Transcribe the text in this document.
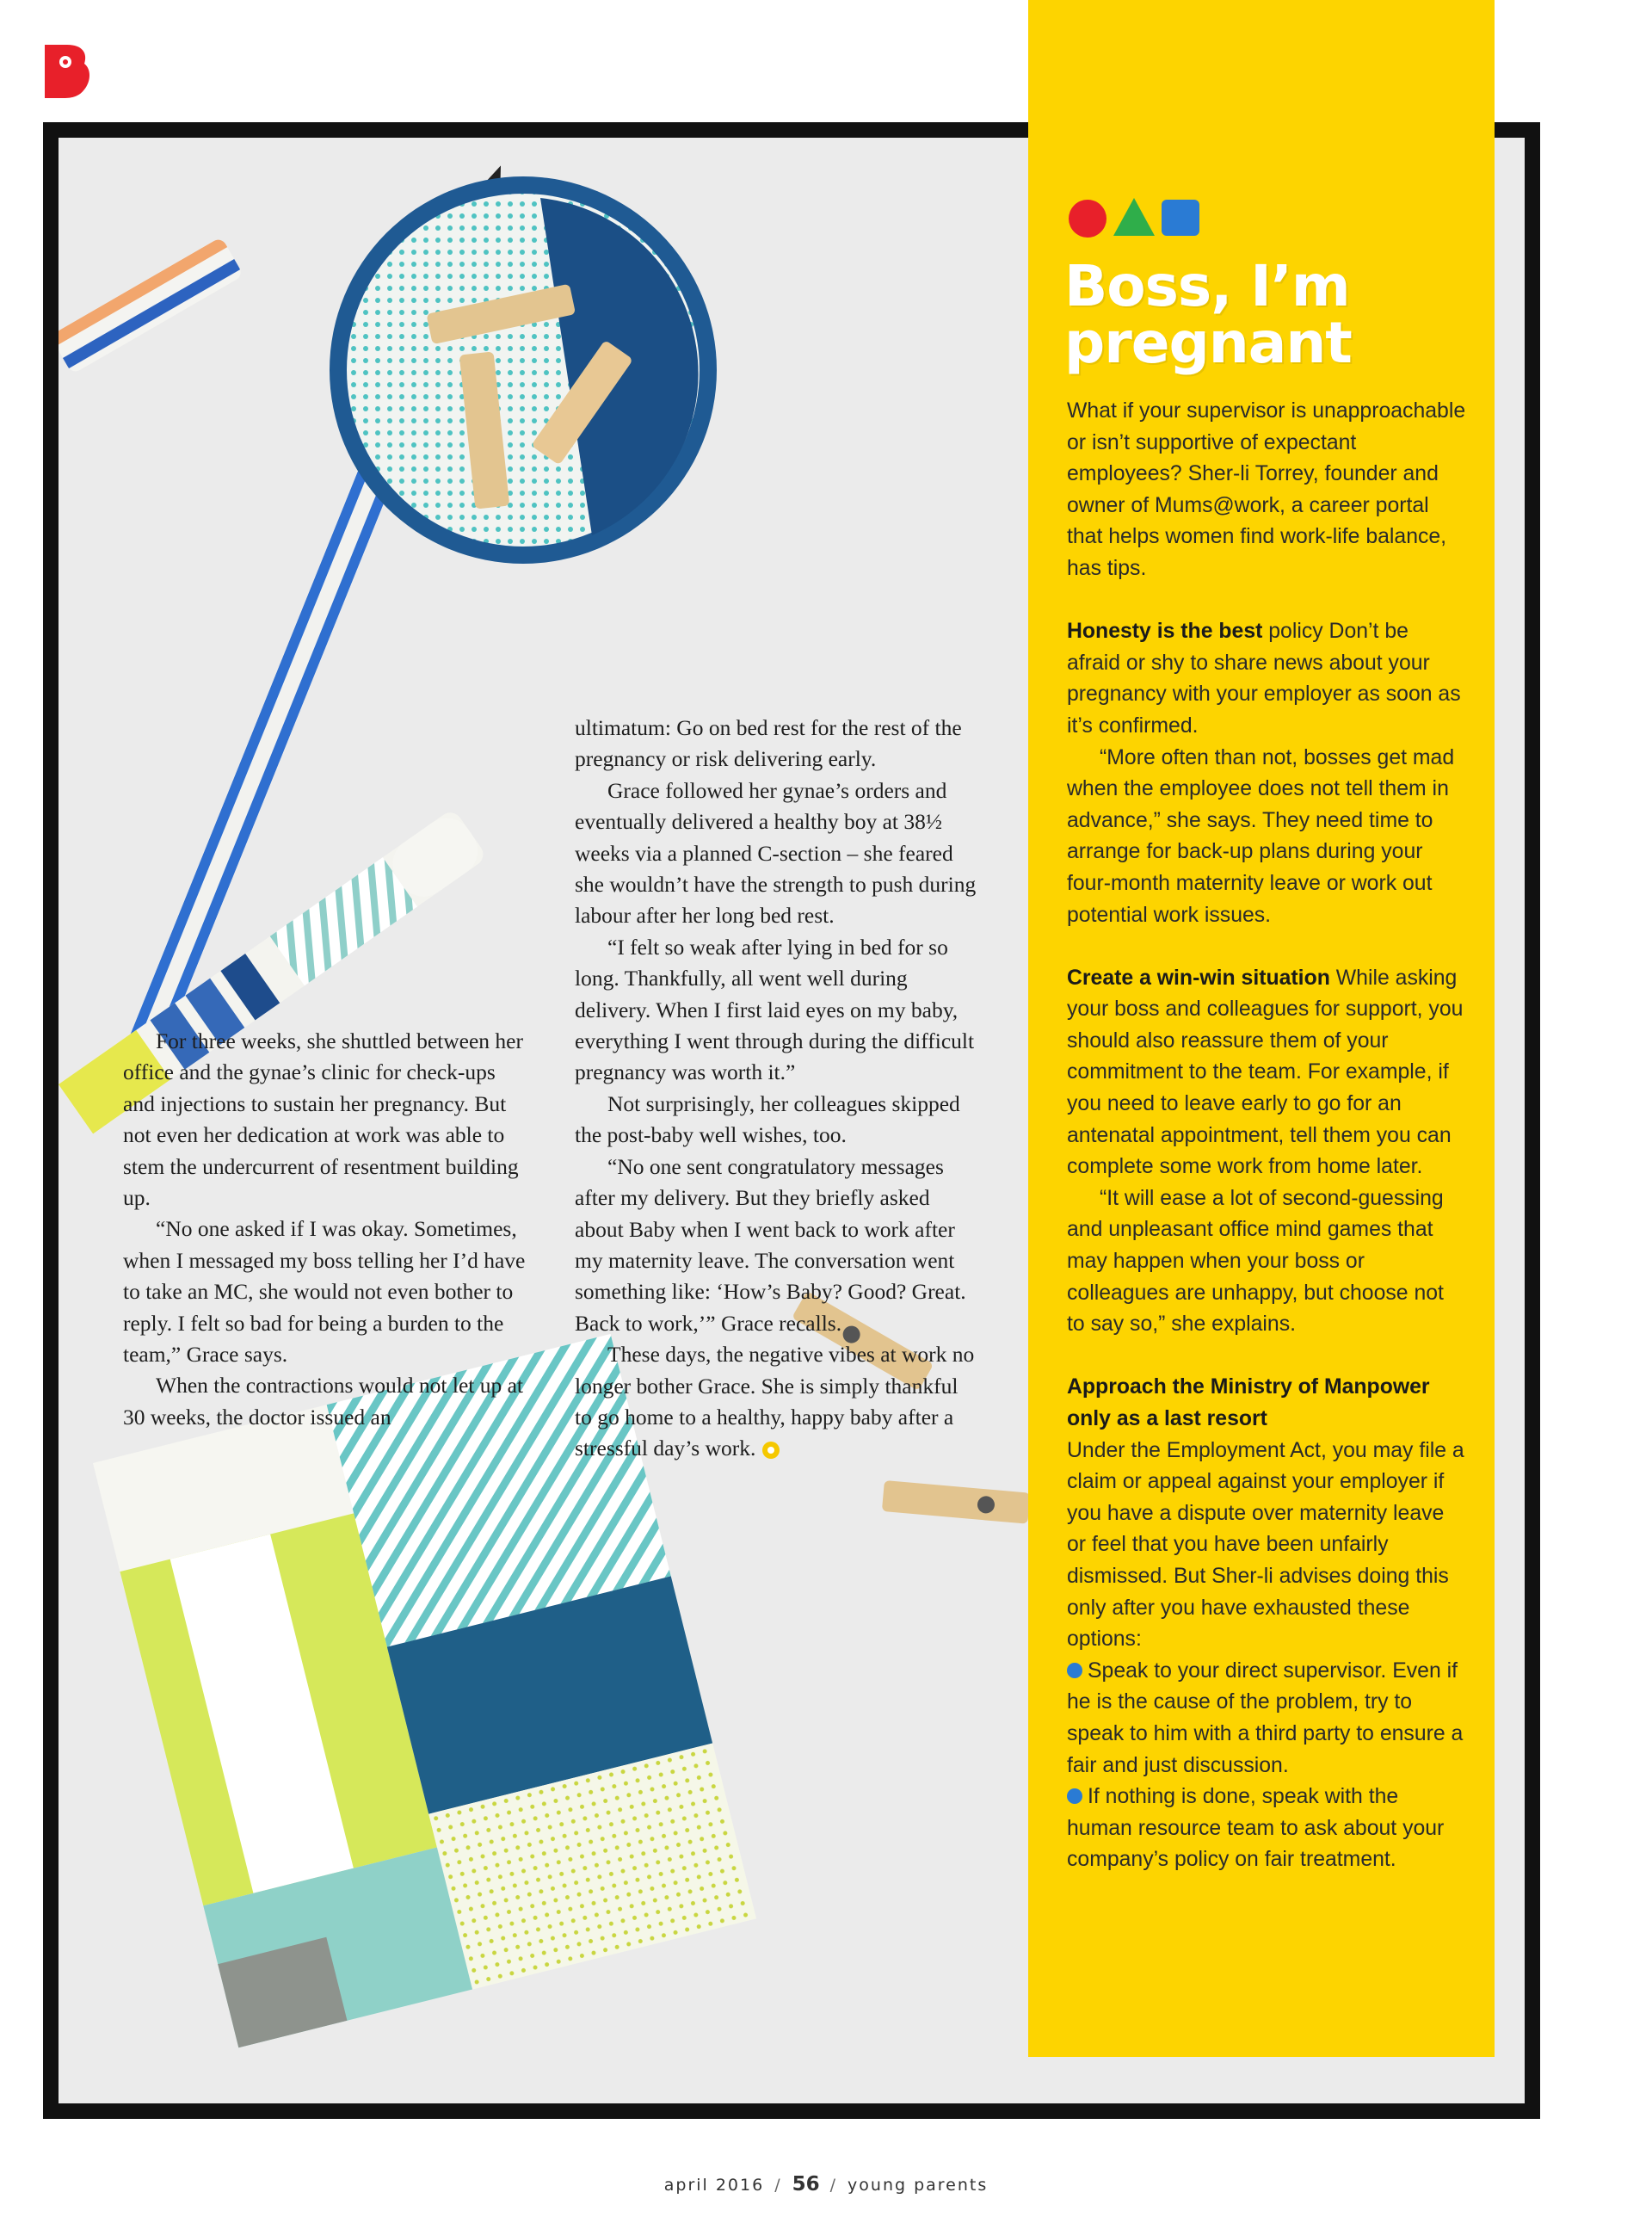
For three weeks, she shuttled between her office and the gynae’s clinic for check-ups and injections to sustain her pregnancy. But not even her dedication at work was able to stem the undercurrent of resentment building up.

“No one asked if I was okay. Sometimes, when I messaged my boss telling her I’d have to take an MC, she would not even bother to reply. I felt so bad for being a burden to the team,” Grace says.

When the contractions would not let up at 30 weeks, the doctor issued an

ultimatum: Go on bed rest for the rest of the pregnancy or risk delivering early.

Grace followed her gynae’s orders and eventually delivered a healthy boy at 38½ weeks via a planned C-section – she feared she wouldn’t have the strength to push during labour after her long bed rest.

“I felt so weak after lying in bed for so long. Thankfully, all went well during delivery. When I first laid eyes on my baby, everything I went through during the difficult pregnancy was worth it.”

Not surprisingly, her colleagues skipped the post-baby well wishes, too.

“No one sent congratulatory messages after my delivery. But they briefly asked about Baby when I went back to work after my maternity leave. The conversation went something like: ‘How’s Baby? Good? Great. Back to work,’” Grace recalls.

These days, the negative vibes at work no longer bother Grace. She is simply thankful to go home to a healthy, happy baby after a stressful day’s work.

Boss, I’m
pregnant

What if your supervisor is unapproachable or isn’t supportive of expectant employees? Sher-li Torrey, founder and owner of Mums@work, a career portal that helps women find work-life balance, has tips.

Honesty is the best policy Don’t be afraid or shy to share news about your pregnancy with your employer as soon as it’s confirmed.

“More often than not, bosses get mad when the employee does not tell them in advance,” she says. They need time to arrange for back-up plans during your four-month maternity leave or work out potential work issues.

Create a win-win situation While asking your boss and colleagues for support, you should also reassure them of your commitment to the team. For example, if you need to leave early to go for an antenatal appointment, tell them you can complete some work from home later.

“It will ease a lot of second-guessing and unpleasant office mind games that may happen when your boss or colleagues are unhappy, but choose not to say so,” she explains.

Approach the Ministry of Manpower only as a last resort

Under the Employment Act, you may file a claim or appeal against your employer if you have a dispute over maternity leave or feel that you have been unfairly dismissed. But Sher-li advises doing this only after you have exhausted these options:

Speak to your direct supervisor. Even if he is the cause of the problem, try to speak to him with a third party to ensure a fair and just discussion.

If nothing is done, speak with the human resource team to ask about your company’s policy on fair treatment.

april 2016 / 56 / young parents
